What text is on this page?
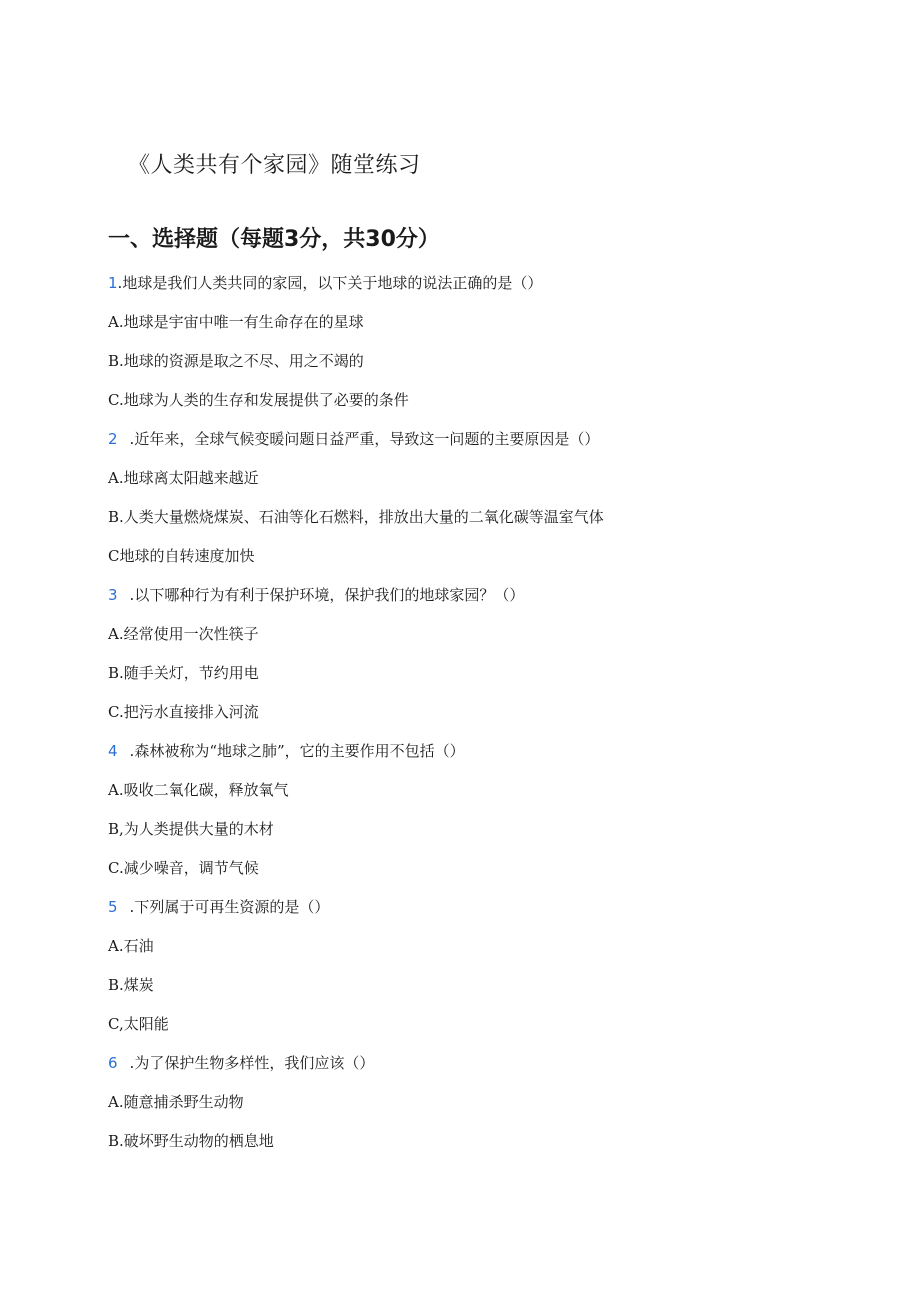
《人类共有个家园》随堂练习
一、选择题（每题3分，共30分）
1.地球是我们人类共同的家园，以下关于地球的说法正确的是（）
A.地球是宇宙中唯一有生命存在的星球
B.地球的资源是取之不尽、用之不竭的
C.地球为人类的生存和发展提供了必要的条件
2 .近年来，全球气候变暖问题日益严重，导致这一问题的主要原因是（）
A.地球离太阳越来越近
B.人类大量燃烧煤炭、石油等化石燃料，排放出大量的二氧化碳等温室气体
C地球的自转速度加快
3 .以下哪种行为有利于保护环境，保护我们的地球家园？（）
A.经常使用一次性筷子
B.随手关灯，节约用电
C.把污水直接排入河流
4 .森林被称为“地球之肺”，它的主要作用不包括（）
A.吸收二氧化碳，释放氧气
B,为人类提供大量的木材
C.减少噪音，调节气候
5 .下列属于可再生资源的是（）
A.石油
B.煤炭
C,太阳能
6 .为了保护生物多样性，我们应该（）
A.随意捕杀野生动物
B.破坏野生动物的栖息地
